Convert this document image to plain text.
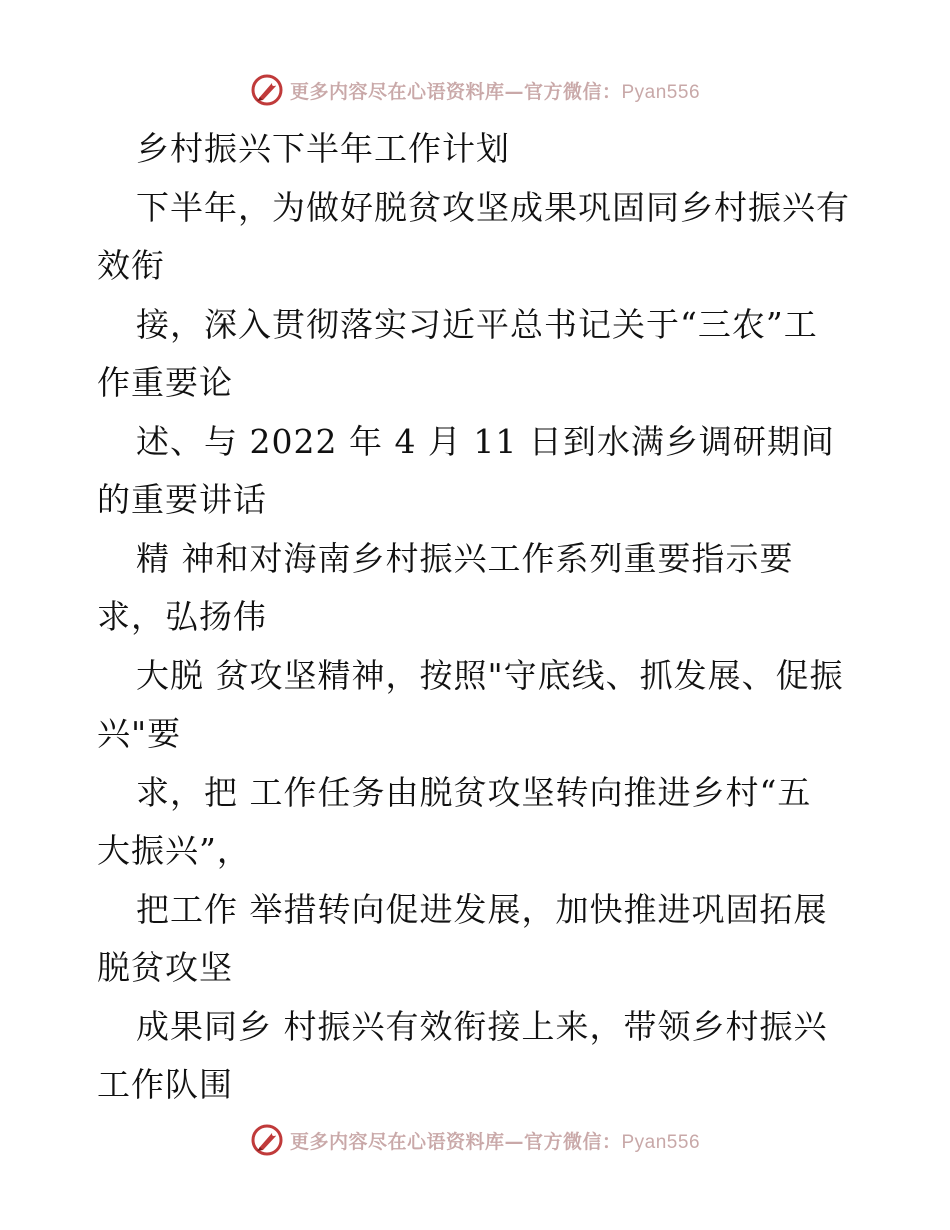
更多内容尽在心语资料库—官方微信：Pyan556
乡村振兴下半年工作计划
下半年，为做好脱贫攻坚成果巩固同乡村振兴有
效衔
接，深入贯彻落实习近平总书记关于“三农”工
作重要论
述、与 2022 年 4 月 11 日到水满乡调研期间
的重要讲话
精 神和对海南乡村振兴工作系列重要指示要
求，弘扬伟
大脱 贫攻坚精神，按照"守底线、抓发展、促振
兴"要
求，把 工作任务由脱贫攻坚转向推进乡村“五
大振兴”，
把工作 举措转向促进发展，加快推进巩固拓展
脱贫攻坚
成果同乡 村振兴有效衔接上来，带领乡村振兴
工作队围
更多内容尽在心语资料库—官方微信：Pyan556
